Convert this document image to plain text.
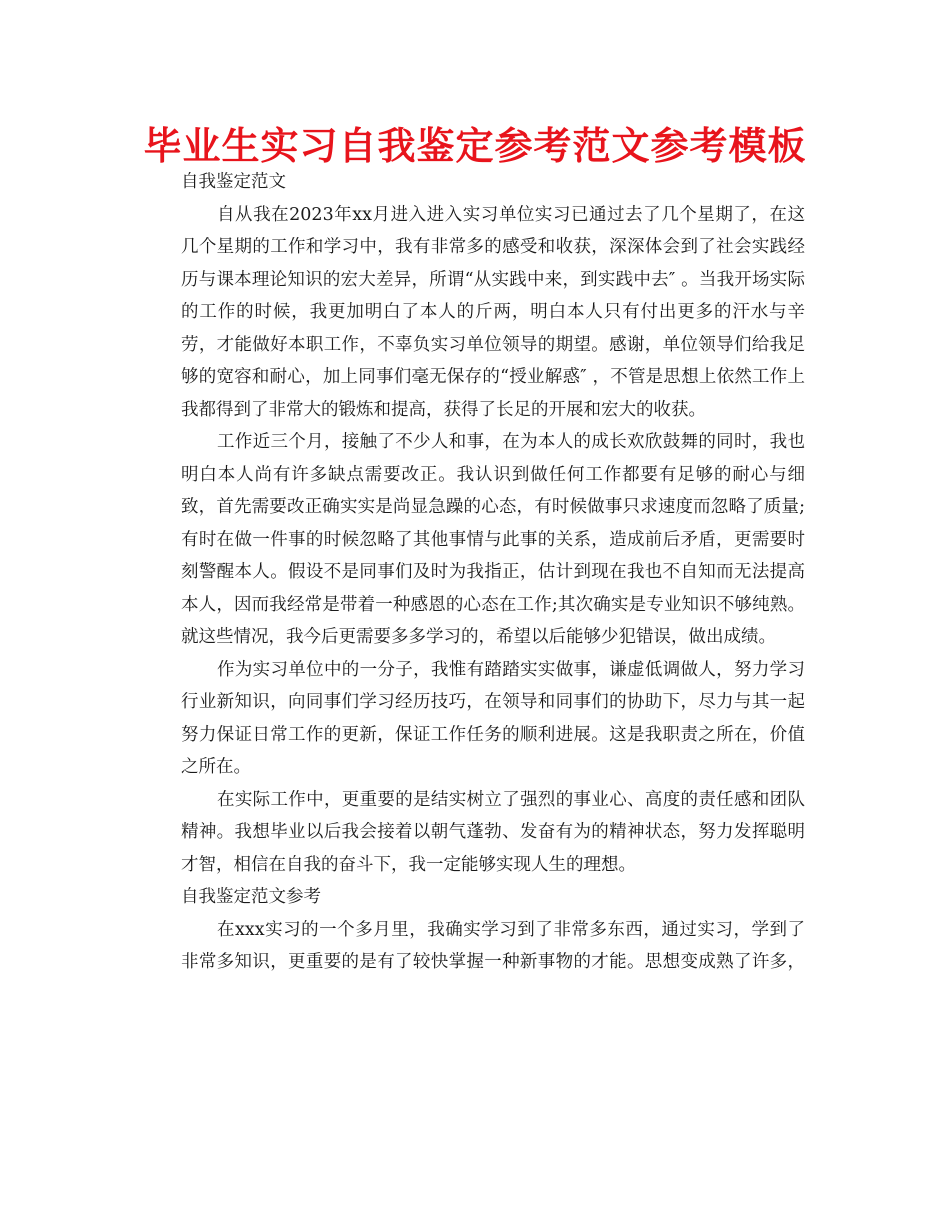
毕业生实习自我鉴定参考范文参考模板

自我鉴定范文

自从我在2023年xx月进入进入实习单位实习已通过去了几个星期了，在这
几个星期的工作和学习中，我有非常多的感受和收获，深深体会到了社会实践经
历与课本理论知识的宏大差异，所谓“从实践中来，到实践中去″ 。当我开场实际
的工作的时候，我更加明白了本人的斤两，明白本人只有付出更多的汗水与辛
劳，才能做好本职工作，不辜负实习单位领导的期望。感谢，单位领导们给我足
够的宽容和耐心，加上同事们毫无保存的“授业解惑″ ，不管是思想上依然工作上
我都得到了非常大的锻炼和提高，获得了长足的开展和宏大的收获。
工作近三个月，接触了不少人和事，在为本人的成长欢欣鼓舞的同时，我也
明白本人尚有许多缺点需要改正。我认识到做任何工作都要有足够的耐心与细
致，首先需要改正确实实是尚显急躁的心态，有时候做事只求速度而忽略了质量;
有时在做一件事的时候忽略了其他事情与此事的关系，造成前后矛盾，更需要时
刻警醒本人。假设不是同事们及时为我指正，估计到现在我也不自知而无法提高
本人，因而我经常是带着一种感恩的心态在工作;其次确实是专业知识不够纯熟。
就这些情况，我今后更需要多多学习的，希望以后能够少犯错误，做出成绩。
作为实习单位中的一分子，我惟有踏踏实实做事，谦虚低调做人，努力学习
行业新知识，向同事们学习经历技巧，在领导和同事们的协助下，尽力与其一起
努力保证日常工作的更新，保证工作任务的顺利进展。这是我职责之所在，价值
之所在。
在实际工作中，更重要的是结实树立了强烈的事业心、高度的责任感和团队
精神。我想毕业以后我会接着以朝气蓬勃、发奋有为的精神状态，努力发挥聪明
才智，相信在自我的奋斗下，我一定能够实现人生的理想。

自我鉴定范文参考

在xxx实习的一个多月里，我确实学习到了非常多东西，通过实习，学到了
非常多知识，更重要的是有了较快掌握一种新事物的才能。思想变成熟了许多，
